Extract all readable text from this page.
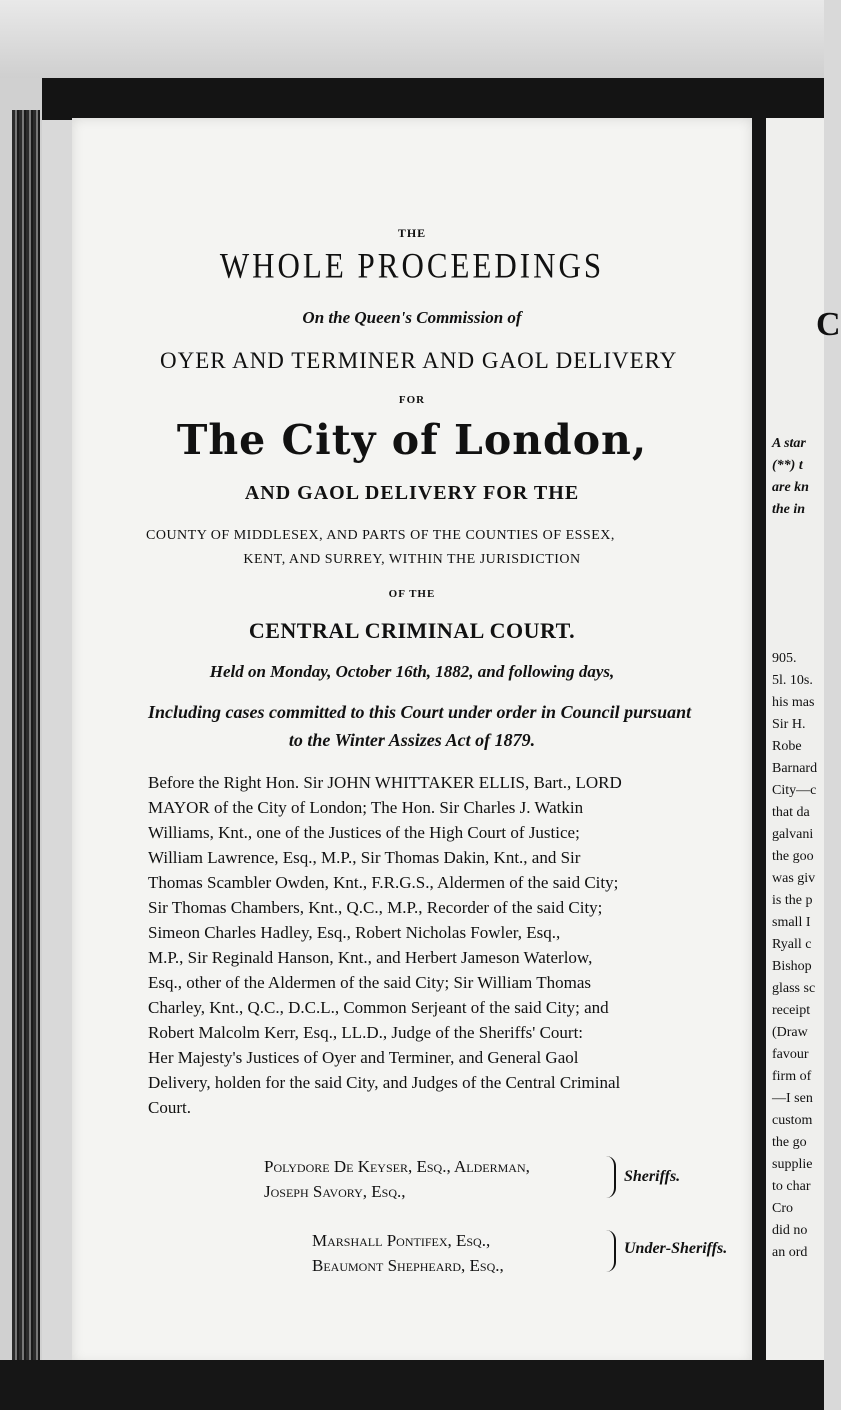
THE
WHOLE PROCEEDINGS
On the Queen's Commission of
OYER AND TERMINER AND GAOL DELIVERY
FOR
The City of London,
AND GAOL DELIVERY FOR THE
COUNTY OF MIDDLESEX, AND PARTS OF THE COUNTIES OF ESSEX,
KENT, AND SURREY, WITHIN THE JURISDICTION
OF THE
CENTRAL CRIMINAL COURT.
Held on Monday, October 16th, 1882, and following days,
Including cases committed to this Court under order in Council pursuant
to the Winter Assizes Act of 1879.
Before the Right Hon. Sir JOHN WHITTAKER ELLIS, Bart., LORD
MAYOR of the City of London; The Hon. Sir Charles J. Watkin
Williams, Knt., one of the Justices of the High Court of Justice;
William Lawrence, Esq., M.P., Sir Thomas Dakin, Knt., and Sir
Thomas Scambler Owden, Knt., F.R.G.S., Aldermen of the said City;
Sir Thomas Chambers, Knt., Q.C., M.P., Recorder of the said City;
Simeon Charles Hadley, Esq., Robert Nicholas Fowler, Esq.,
M.P., Sir Reginald Hanson, Knt., and Herbert Jameson Waterlow,
Esq., other of the Aldermen of the said City; Sir William Thomas
Charley, Knt., Q.C., D.C.L., Common Serjeant of the said City; and
Robert Malcolm Kerr, Esq., LL.D., Judge of the Sheriffs' Court:
Her Majesty's Justices of Oyer and Terminer, and General Gaol
Delivery, holden for the said City, and Judges of the Central Criminal
Court.
Polydore De Keyser, Esq., Alderman,
Joseph Savory, Esq.,
Sheriffs.
Marshall Pontifex, Esq.,
Beaumont Shepheard, Esq.,
Under-Sheriffs.
C
A star
(**) t
are kn
the in
905.
5l. 10s.
his mas
Sir H.
Robe
Barnard
City—c
that da
galvani
the goo
was giv
is the p
small I
Ryall c
Bishop
glass sc
receipt
(Draw
favour
firm of
—I sen
custom
the go
supplie
to char
Cro
did no
an ord
